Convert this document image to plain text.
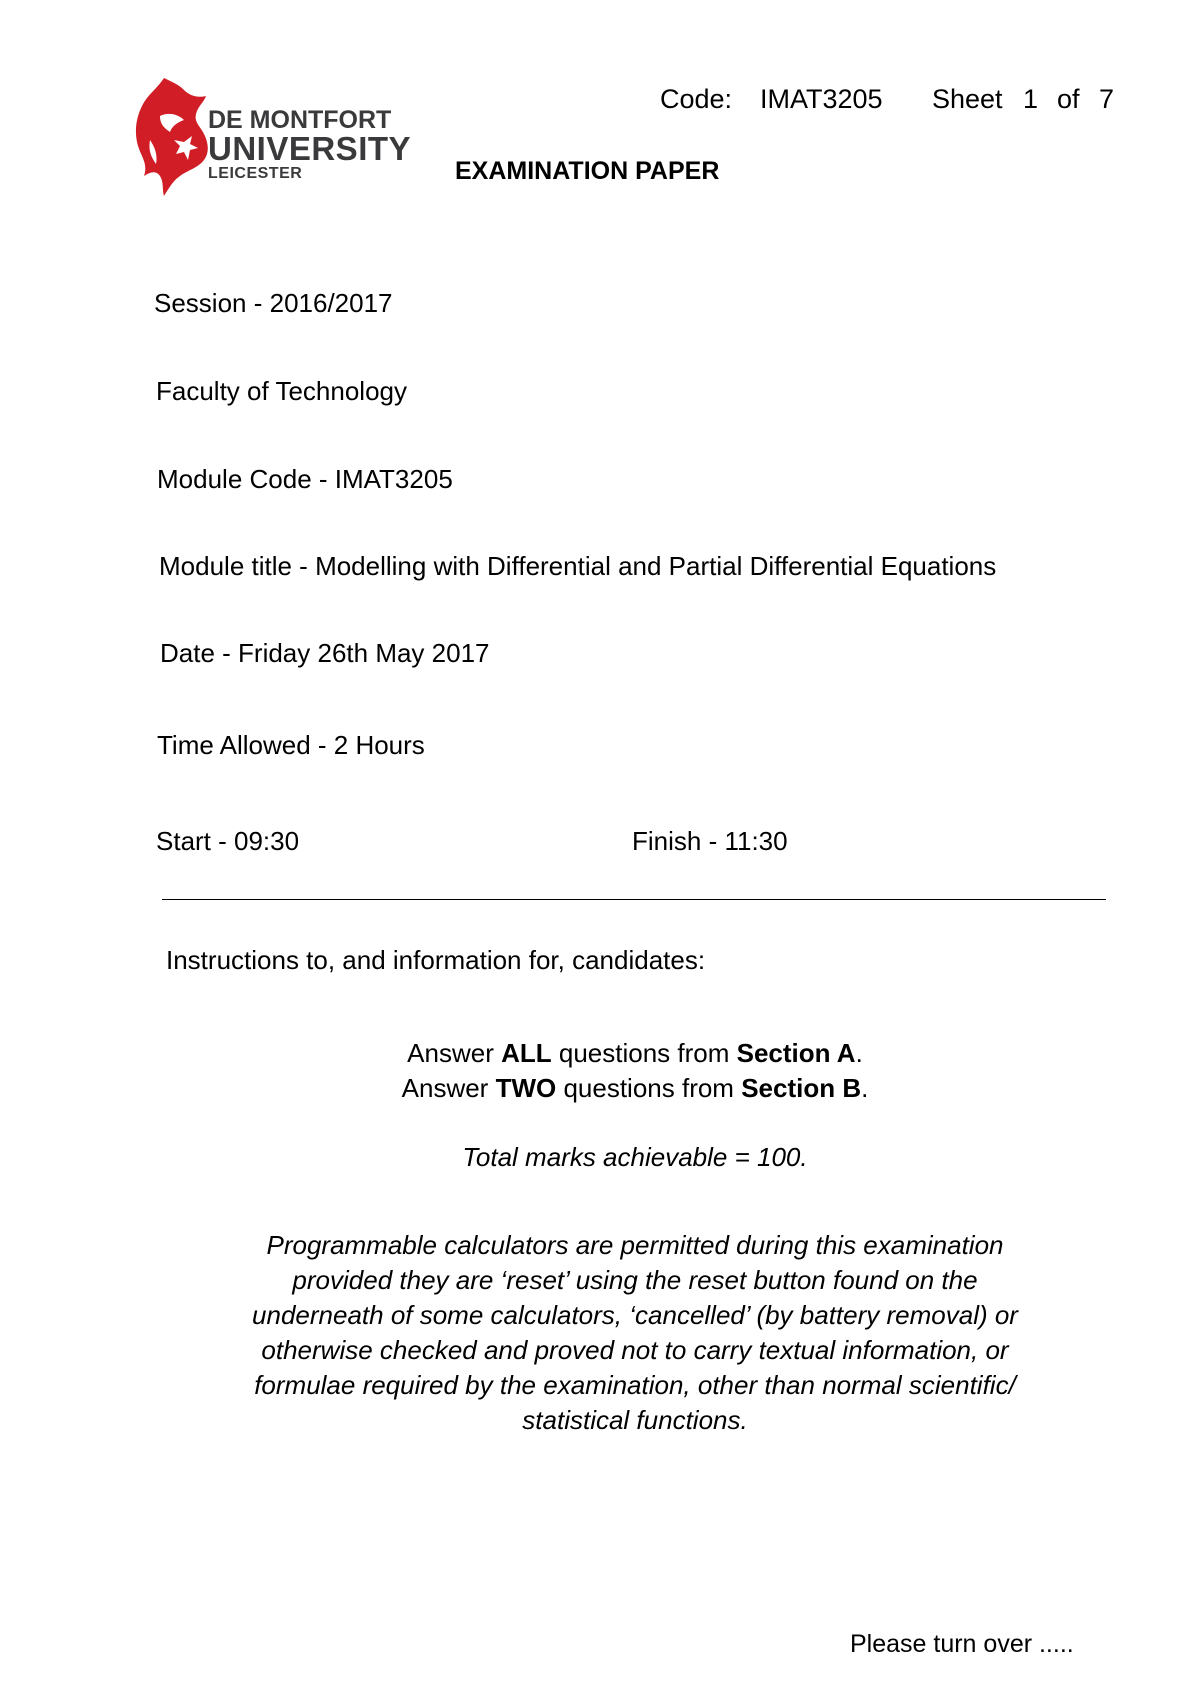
DE MONTFORT
UNIVERSITY
LEICESTER
Code: IMAT3205 Sheet 1 of 7
EXAMINATION PAPER
Session - 2016/2017
Faculty of Technology
Module Code - IMAT3205
Module title - Modelling with Differential and Partial Differential Equations
Date - Friday 26th May 2017
Time Allowed - 2 Hours
Start - 09:30	Finish - 11:30
Instructions to, and information for, candidates:
Answer ALL questions from Section A.
Answer TWO questions from Section B.
Total marks achievable = 100.
Programmable calculators are permitted during this examination
provided they are ‘reset’ using the reset button found on the
underneath of some calculators, ‘cancelled’ (by battery removal) or
otherwise checked and proved not to carry textual information, or
formulae required by the examination, other than normal scientific/
statistical functions.
Please turn over .....
